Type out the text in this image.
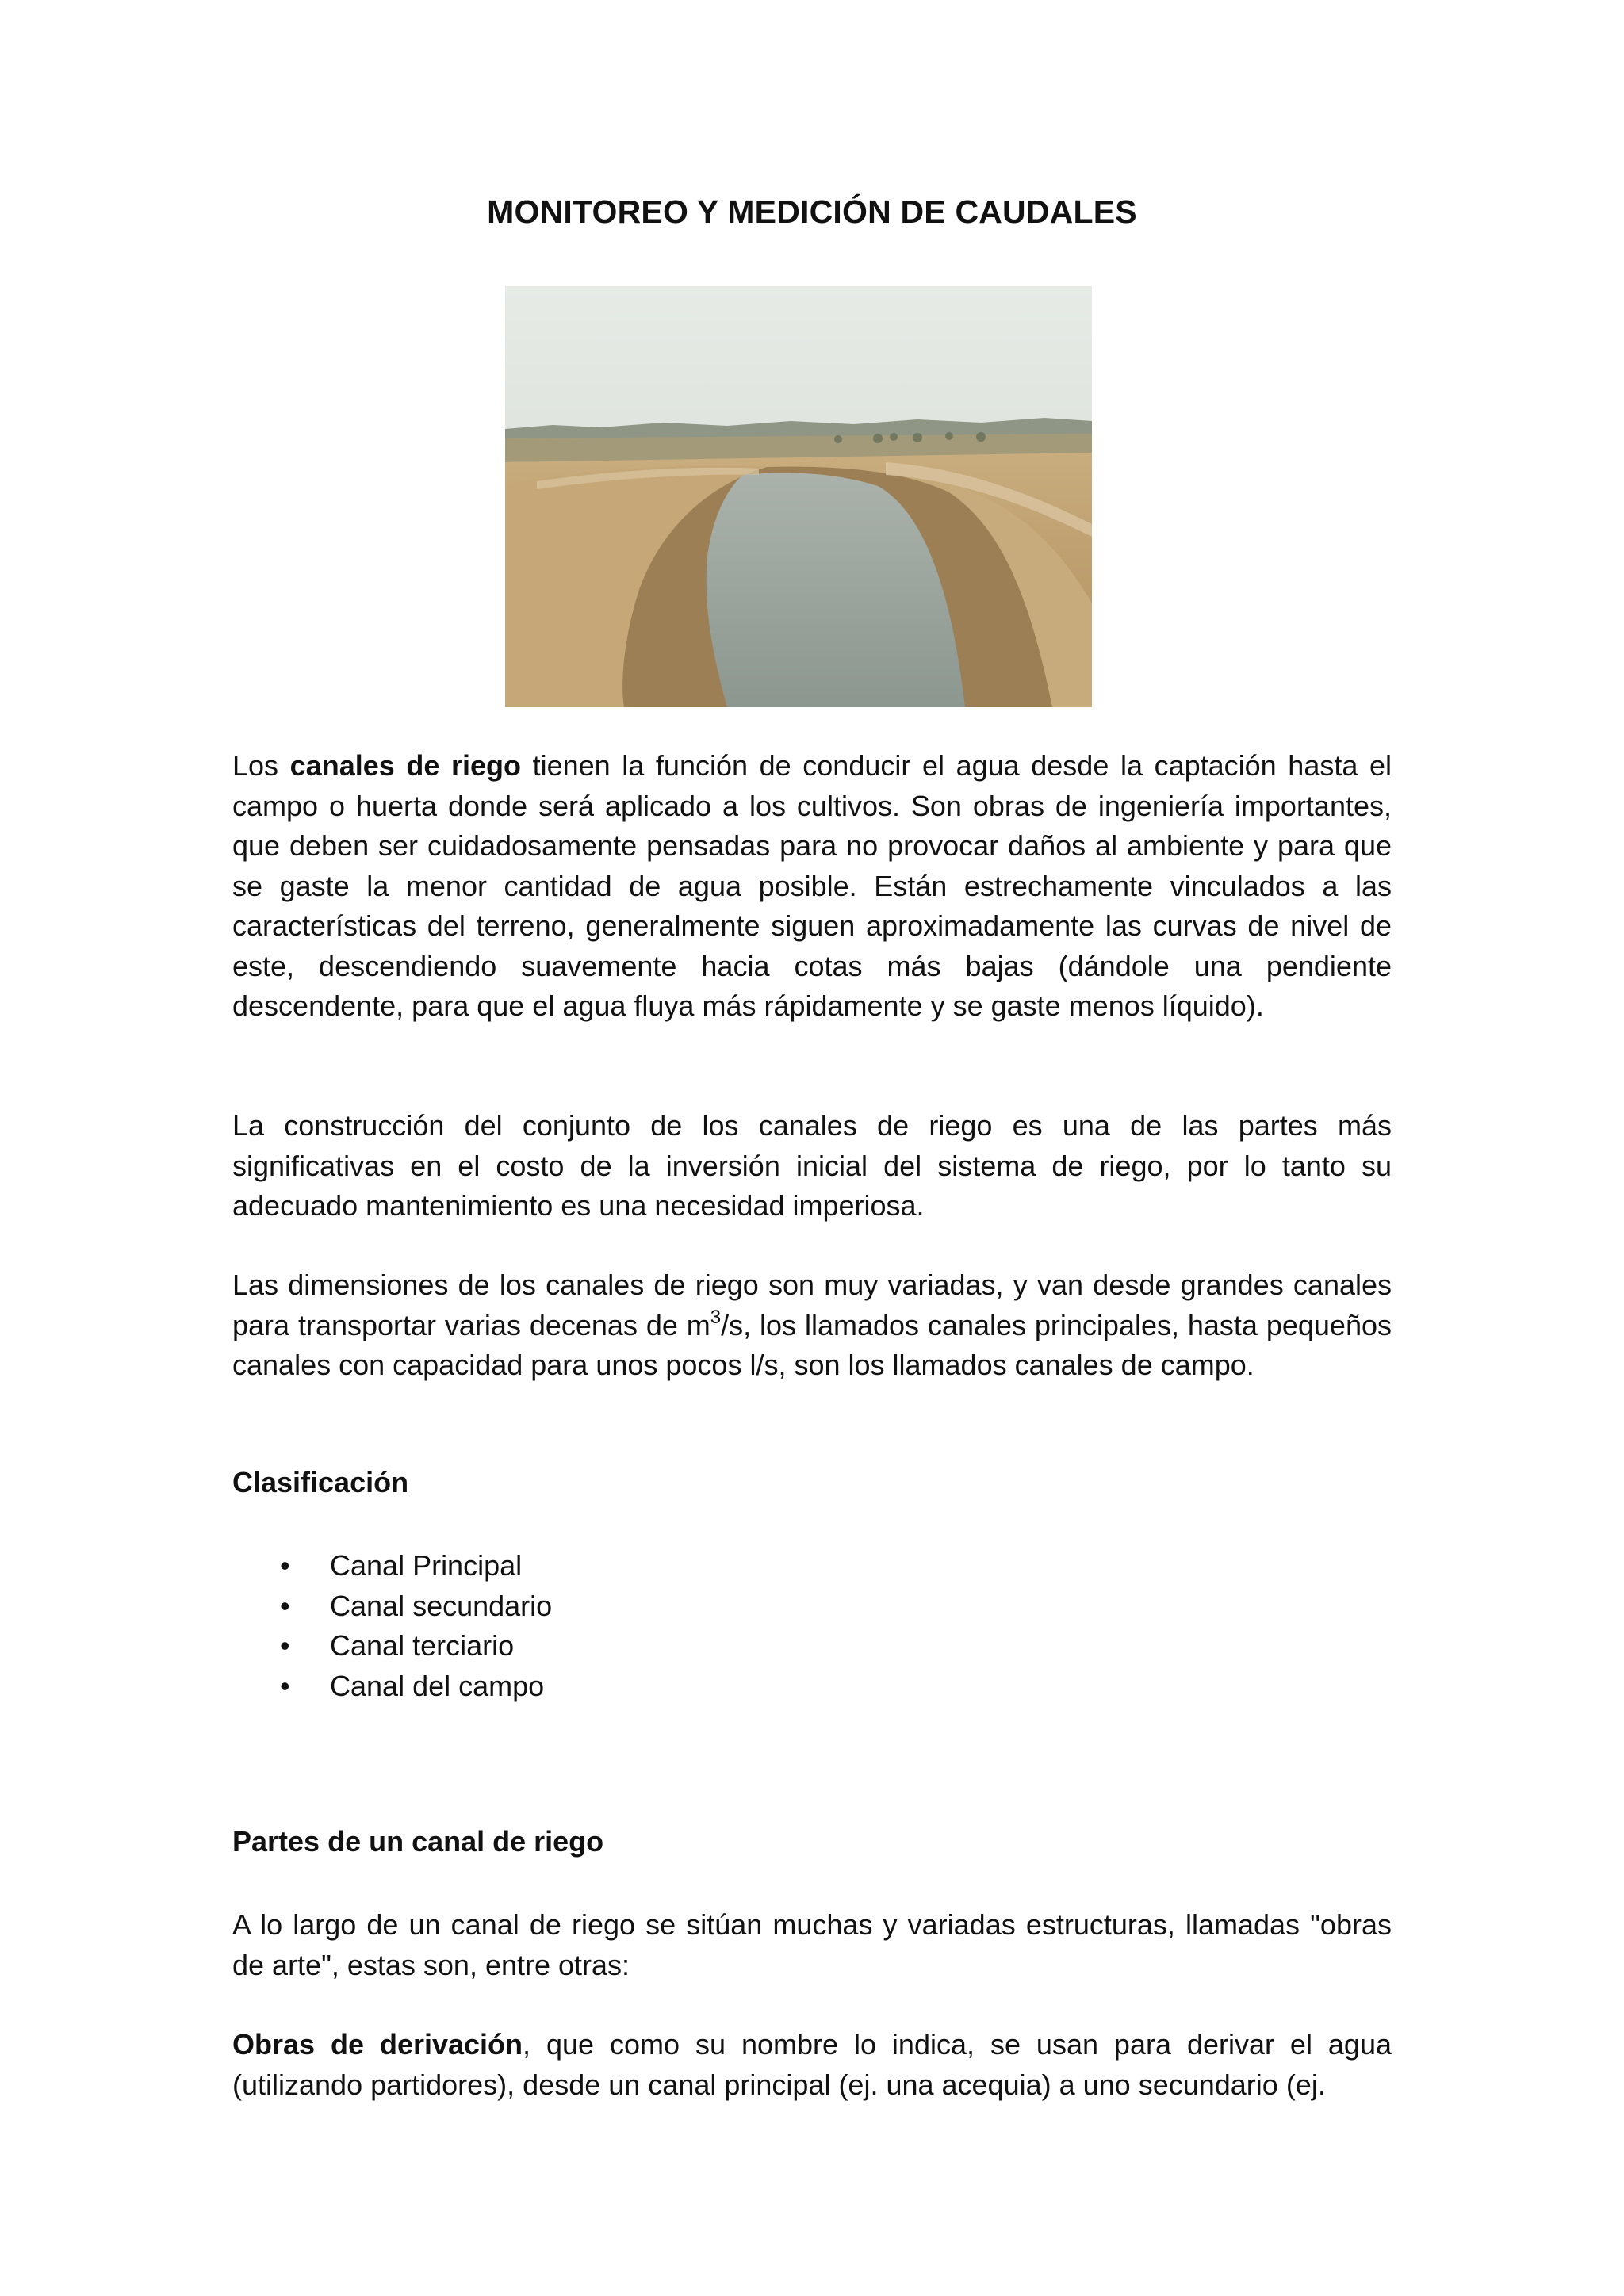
MONITOREO Y MEDICIÓN DE CAUDALES

Los canales de riego tienen la función de conducir el agua desde la captación hasta el campo o huerta donde será aplicado a los cultivos. Son obras de ingeniería importantes, que deben ser cuidadosamente pensadas para no provocar daños al ambiente y para que se gaste la menor cantidad de agua posible. Están estrechamente vinculados a las características del terreno, generalmente siguen aproximadamente las curvas de nivel de este, descendiendo suavemente hacia cotas más bajas (dándole una pendiente descendente, para que el agua fluya más rápidamente y se gaste menos líquido).

La construcción del conjunto de los canales de riego es una de las partes más significativas en el costo de la inversión inicial del sistema de riego, por lo tanto su adecuado mantenimiento es una necesidad imperiosa.

Las dimensiones de los canales de riego son muy variadas, y van desde grandes canales para transportar varias decenas de $m^3/s$, los llamados canales principales, hasta pequeños canales con capacidad para unos pocos l/s, son los llamados canales de campo.

Clasificación

• Canal Principal
• Canal secundario
• Canal terciario
• Canal del campo

Partes de un canal de riego

A lo largo de un canal de riego se sitúan muchas y variadas estructuras, llamadas "obras de arte", estas son, entre otras:

Obras de derivación, que como su nombre lo indica, se usan para derivar el agua (utilizando partidores), desde un canal principal (ej. una acequia) a uno secundario (ej.
